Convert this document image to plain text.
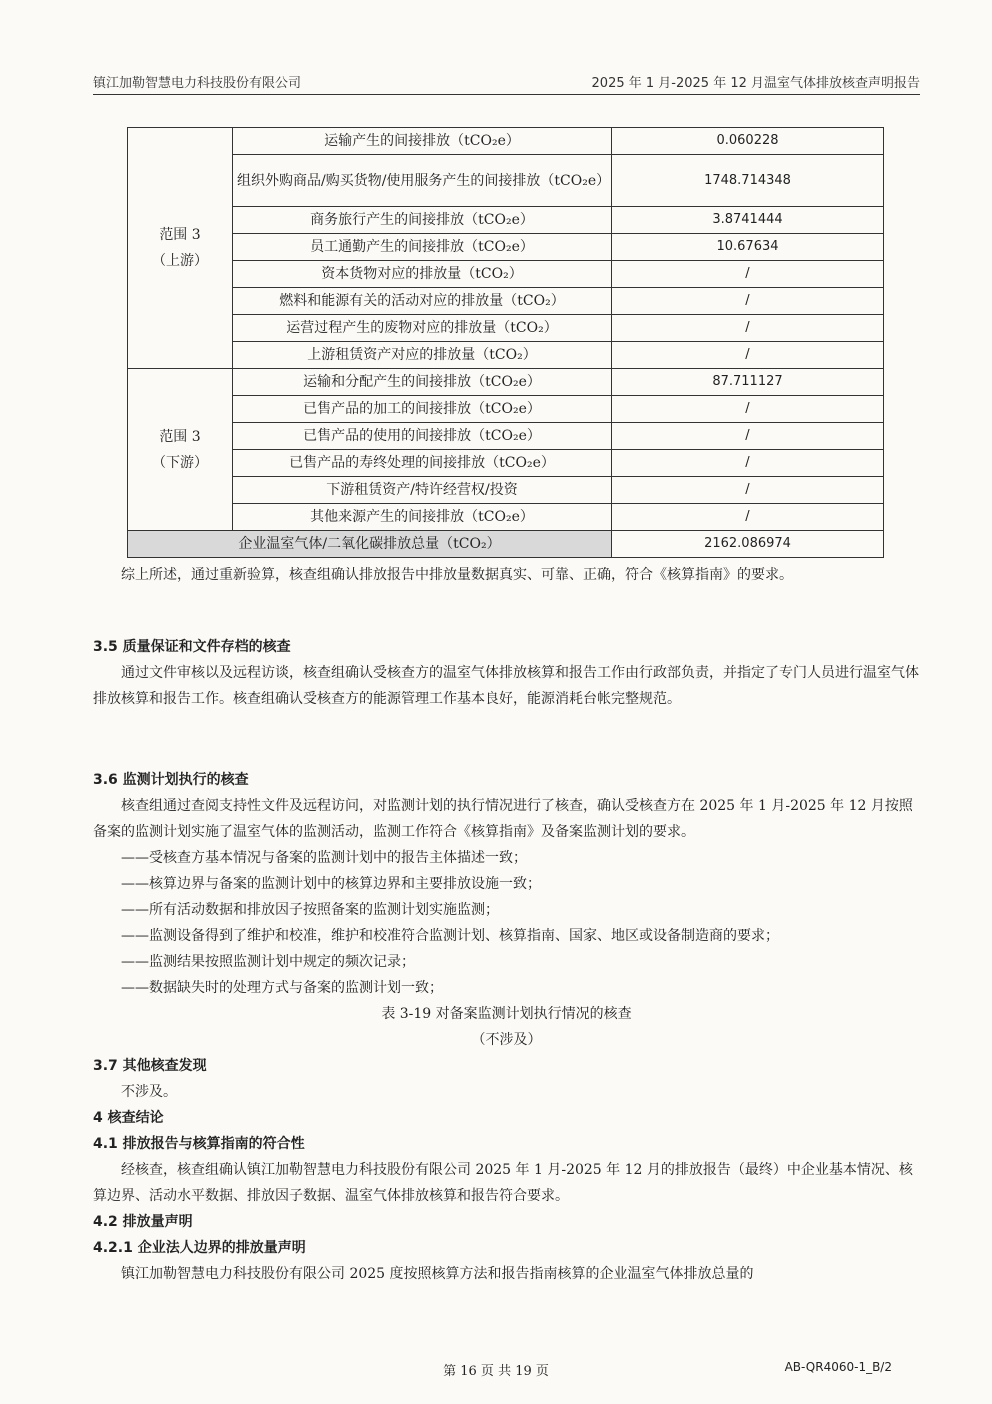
镇江加勒智慧电力科技股份有限公司	2025 年 1 月-2025 年 12 月温室气体排放核查声明报告
范围 3
（上游）	运输产生的间接排放（tCO₂e）	0.060228
	组织外购商品/购买货物/使用服务产生的间接排放（tCO₂e）	1748.714348
	商务旅行产生的间接排放（tCO₂e）	3.8741444
	员工通勤产生的间接排放（tCO₂e）	10.67634
	资本货物对应的排放量（tCO₂）	/
	燃料和能源有关的活动对应的排放量（tCO₂）	/
	运营过程产生的废物对应的排放量（tCO₂）	/
	上游租赁资产对应的排放量（tCO₂）	/
范围 3
（下游）	运输和分配产生的间接排放（tCO₂e）	87.711127
	已售产品的加工的间接排放（tCO₂e）	/
	已售产品的使用的间接排放（tCO₂e）	/
	已售产品的寿终处理的间接排放（tCO₂e）	/
	下游租赁资产/特许经营权/投资	/
	其他来源产生的间接排放（tCO₂e）	/
企业温室气体/二氧化碳排放总量（tCO₂）		2162.086974

综上所述，通过重新验算，核查组确认排放报告中排放量数据真实、可靠、正确，符合《核算指南》的要求。

3.5 质量保证和文件存档的核查

通过文件审核以及远程访谈，核查组确认受核查方的温室气体排放核算和报告工作由行政部负责，并指定了专门人员进行温室气体排放核算和报告工作。核查组确认受核查方的能源管理工作基本良好，能源消耗台帐完整规范。

3.6 监测计划执行的核查

核查组通过查阅支持性文件及远程访问，对监测计划的执行情况进行了核查，确认受核查方在 2025 年 1 月-2025 年 12 月按照备案的监测计划实施了温室气体的监测活动，监测工作符合《核算指南》及备案监测计划的要求。

——受核查方基本情况与备案的监测计划中的报告主体描述一致；

——核算边界与备案的监测计划中的核算边界和主要排放设施一致；

——所有活动数据和排放因子按照备案的监测计划实施监测；

——监测设备得到了维护和校准，维护和校准符合监测计划、核算指南、国家、地区或设备制造商的要求；

——监测结果按照监测计划中规定的频次记录；

——数据缺失时的处理方式与备案的监测计划一致；

表 3-19 对备案监测计划执行情况的核查

（不涉及）

3.7 其他核查发现

不涉及。

4 核查结论

4.1 排放报告与核算指南的符合性

经核查，核查组确认镇江加勒智慧电力科技股份有限公司 2025 年 1 月-2025 年 12 月的排放报告（最终）中企业基本情况、核算边界、活动水平数据、排放因子数据、温室气体排放核算和报告符合要求。

4.2 排放量声明

4.2.1 企业法人边界的排放量声明

镇江加勒智慧电力科技股份有限公司 2025 度按照核算方法和报告指南核算的企业温室气体排放总量的

第 16 页 共 19 页	AB-QR4060-1_B/2
